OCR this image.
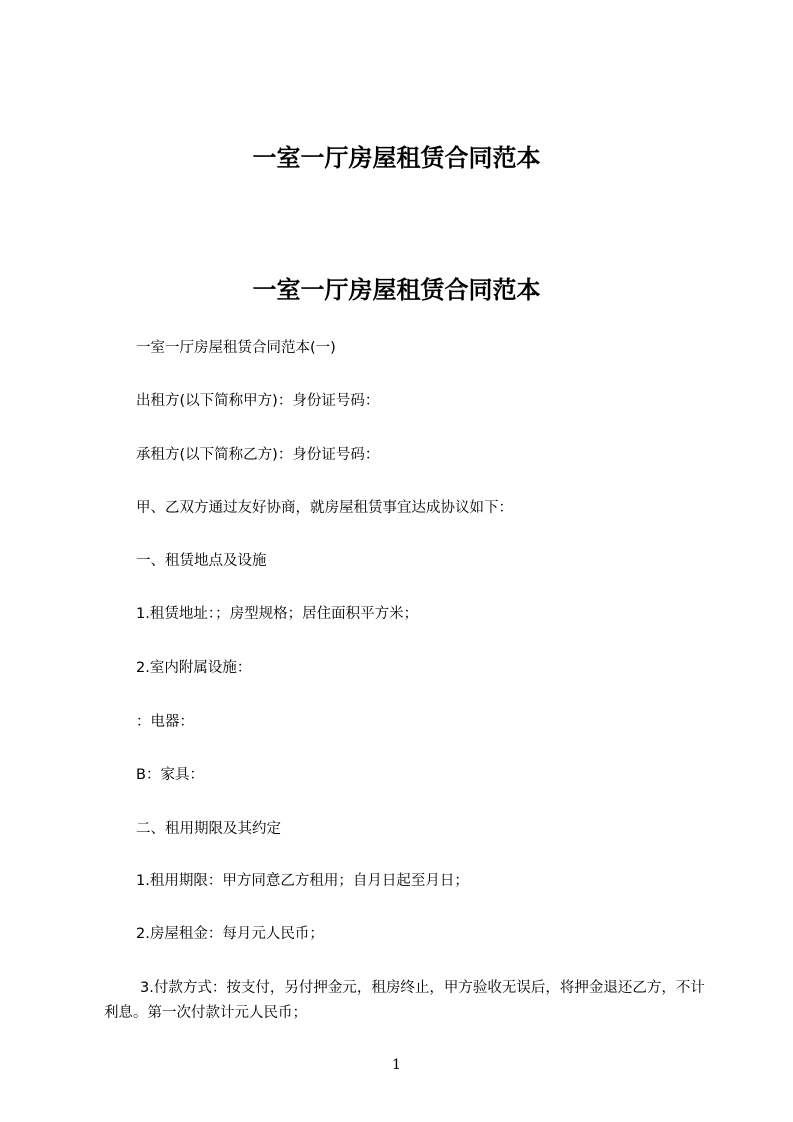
一室一厅房屋租赁合同范本
一室一厅房屋租赁合同范本
一室一厅房屋租赁合同范本(一)
出租方(以下简称甲方)：身份证号码：
承租方(以下简称乙方)：身份证号码：
甲、乙双方通过友好协商，就房屋租赁事宜达成协议如下：
一、租赁地点及设施
1.租赁地址：；房型规格；居住面积平方米；
2.室内附属设施：
：电器：
B：家具：
二、租用期限及其约定
1.租用期限：甲方同意乙方租用；自月日起至月日；
2.房屋租金：每月元人民币；
3.付款方式：按支付，另付押金元，租房终止，甲方验收无误后，将押金退还乙方，不计利息。第一次付款计元人民币；
1
